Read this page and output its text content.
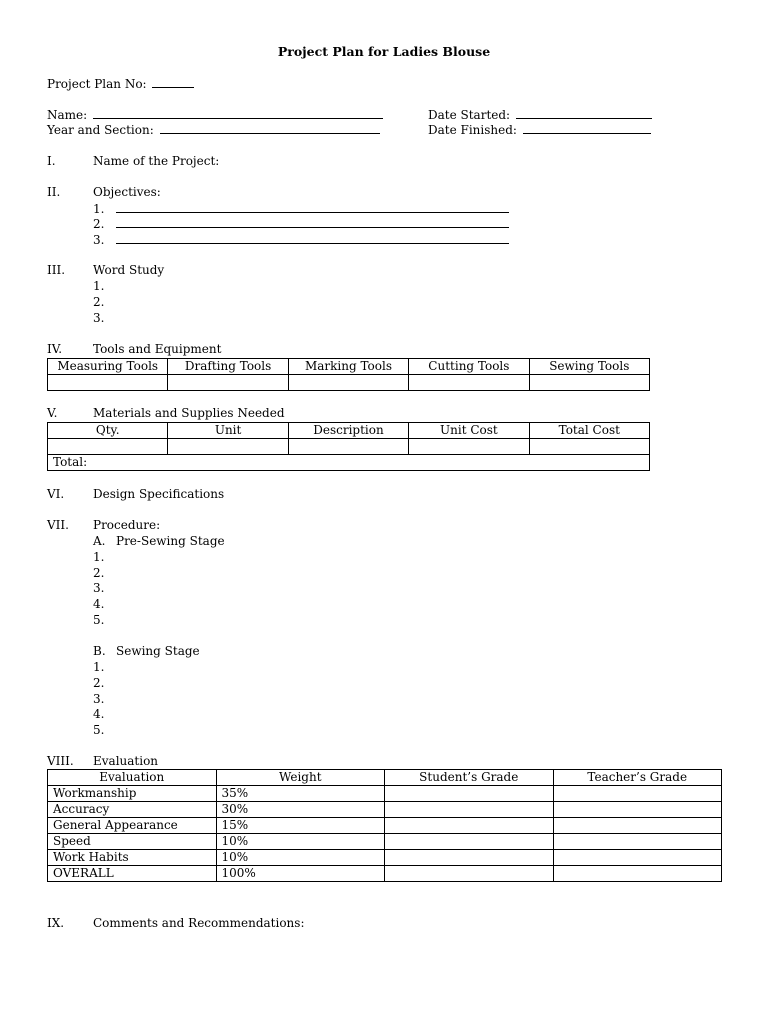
Project Plan for Ladies Blouse
Project Plan No:
Name:
Year and Section:
Date Started:
Date Finished:
I.	Name of the Project:
II.	Objectives:
1.
2.
3.
III. Word Study
1.
2.
3.
IV.	Tools and Equipment
Measuring Tools	Drafting Tools	Marking Tools	Cutting Tools	Sewing Tools

V.	Materials and Supplies Needed
Qty.	Unit	Description	Unit Cost	Total Cost

Total:				
VI. Design Specifications
VII. Procedure:
A. Pre-Sewing Stage
1.
2.
3.
4.
5.
B. Sewing Stage
1.
2.
3.
4.
5.
VIII. Evaluation
Evaluation	Weight	Student’s Grade	Teacher’s Grade
Workmanship	35%		
Accuracy	30%		
General Appearance	15%		
Speed	10%		
Work Habits	10%		
OVERALL	100%		
IX. Comments and Recommendations:
